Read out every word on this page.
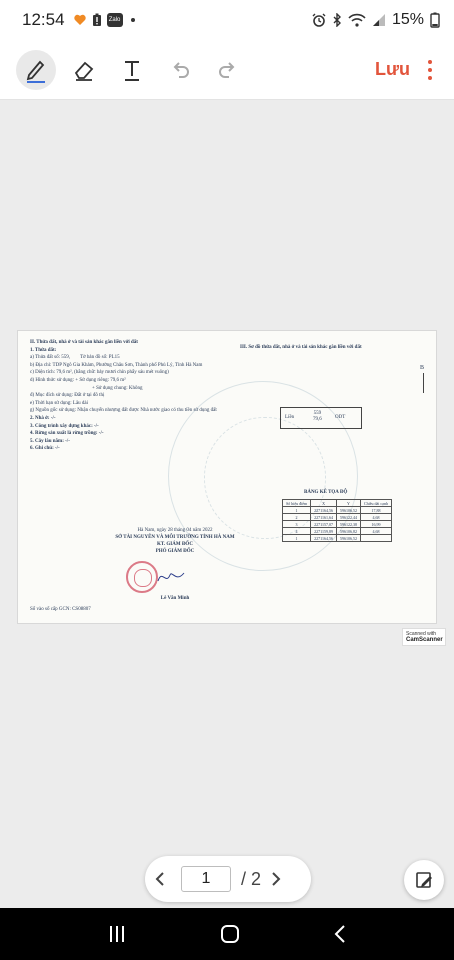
12:54	Zalo	15%
Lưu
II. Thửa đất, nhà ở và tài sản khác gắn liền với đất
1. Thửa đất:
a) Thửa đất số: 559, Tờ bản đồ số: PL15
b) Địa chỉ: TDP Ngô Gia Khảm, Phường Châu Sơn, Thành phố Phủ Lý, Tỉnh Hà Nam
c) Diện tích: 79,6 m², (bằng chữ: bảy mươi chín phẩy sáu mét vuông)
d) Hình thức sử dụng: + Sử dụng riêng: 79,6 m²
+ Sử dụng chung: Không
đ) Mục đích sử dụng: Đất ở tại đô thị
e) Thời hạn sử dụng: Lâu dài
g) Nguồn gốc sử dụng: Nhận chuyển nhượng đất được Nhà nước giao có thu tiền sử dụng đất
2. Nhà ở: -/-
3. Công trình xây dựng khác: -/-
4. Rừng sản xuất là rừng trồng: -/-
5. Cây lâu năm: -/-
6. Ghi chú: -/-
III. Sơ đồ thửa đất, nhà ở và tài sản khác gắn liền với đất
B
Liền
559
79,6	ODT
BẢNG KÊ TỌA ĐỘ
Số hiệu điểm	X	Y	Chiều dài cạnh
1	2271164,56	596106,52	17,88
2	2271161,64	596122,44	4,68
3	2271157,07	596122,38	16,99
4	2271159,89	596106,82	4,68
1	2271164,56	596106,52	
Hà Nam, ngày 28 tháng 04 năm 2022
SỞ TÀI NGUYÊN VÀ MÔI TRƯỜNG TỈNH HÀ NAM
KT. GIÁM ĐỐC
PHÓ GIÁM ĐỐC
Lê Văn Minh
Số vào sổ cấp GCN: CS08807
Scanned with
CamScanner
1
/ 2
